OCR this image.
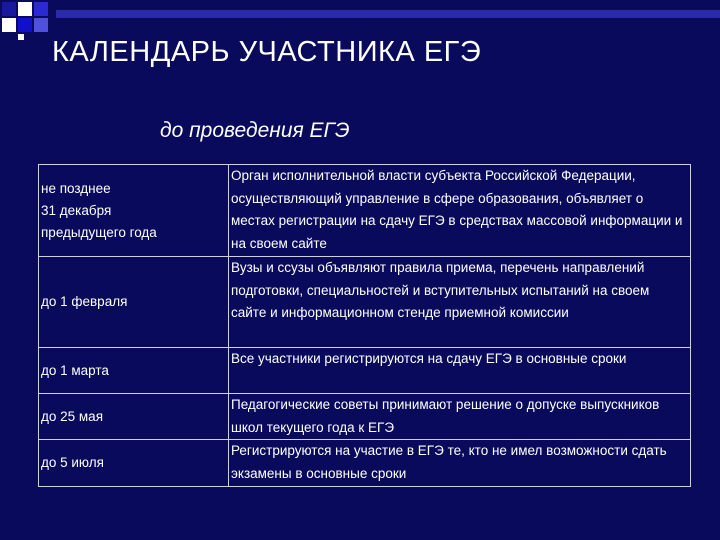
КАЛЕНДАРЬ УЧАСТНИКА ЕГЭ
до проведения ЕГЭ
не позднее
31 декабря
предыдущего года
Орган исполнительной власти субъекта Российской Федерации, осуществляющий управление в сфере образования, объявляет о местах регистрации на сдачу ЕГЭ в средствах массовой информации и на своем сайте
до 1 февраля
Вузы и ссузы объявляют правила приема, перечень направлений подготовки, специальностей и вступительных испытаний на своем сайте и информационном стенде приемной комиссии
до 1 марта
Все участники регистрируются на сдачу ЕГЭ в основные сроки
до 25 мая
Педагогические советы принимают решение о допуске выпускников школ текущего года к ЕГЭ
до 5 июля
Регистрируются на участие в ЕГЭ те, кто не имел возможности сдать экзамены в основные сроки
